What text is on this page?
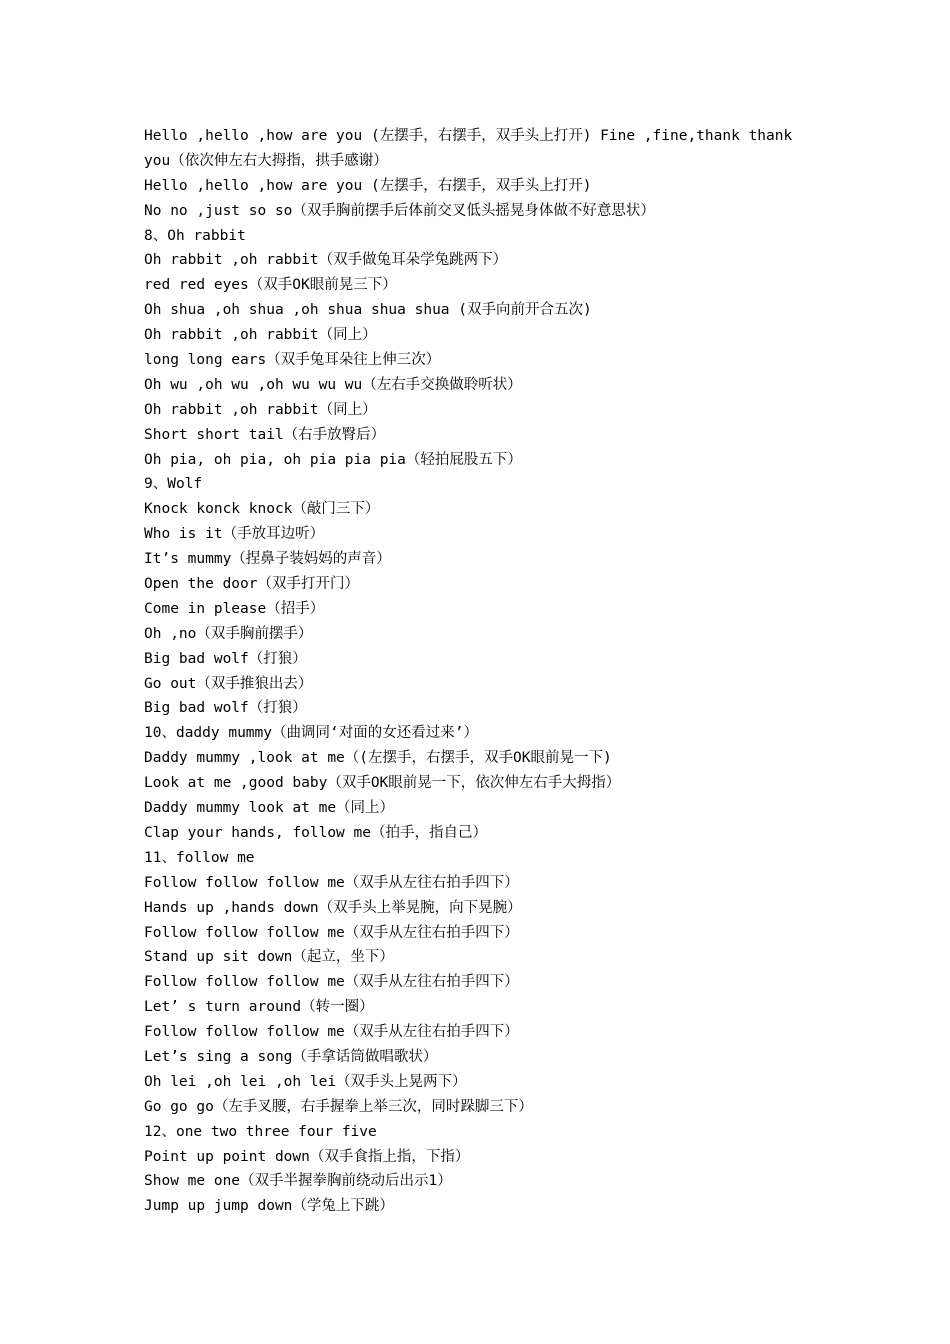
Hello ,hello ,how are you (左摆手，右摆手，双手头上打开) Fine ,fine,thank thank
you（依次伸左右大拇指，拱手感谢）
Hello ,hello ,how are you (左摆手，右摆手，双手头上打开)
No no ,just so so（双手胸前摆手后体前交叉低头摇晃身体做不好意思状）
8、Oh rabbit
Oh rabbit ,oh rabbit（双手做兔耳朵学兔跳两下）
red red eyes（双手OK眼前晃三下）
Oh shua ,oh shua ,oh shua shua shua (双手向前开合五次)
Oh rabbit ,oh rabbit（同上）
long long ears（双手兔耳朵往上伸三次）
Oh wu ,oh wu ,oh wu wu wu（左右手交换做聆听状）
Oh rabbit ,oh rabbit（同上）
Short short tail（右手放臀后）
Oh pia, oh pia, oh pia pia pia（轻拍屁股五下）
9、Wolf
Knock konck knock（敲门三下）
Who is it（手放耳边听）
It’s mummy（捏鼻子装妈妈的声音）
Open the door（双手打开门）
Come in please（招手）
Oh ,no（双手胸前摆手）
Big bad wolf（打狼）
Go out（双手推狼出去）
Big bad wolf（打狼）
10、daddy mummy（曲调同‘对面的女还看过来’）
Daddy mummy ,look at me（(左摆手，右摆手，双手OK眼前晃一下)
Look at me ,good baby（双手OK眼前晃一下，依次伸左右手大拇指）
Daddy mummy look at me（同上）
Clap your hands, follow me（拍手，指自己）
11、follow me
Follow follow follow me（双手从左往右拍手四下）
Hands up ,hands down（双手头上举晃腕，向下晃腕）
Follow follow follow me（双手从左往右拍手四下）
Stand up sit down（起立，坐下）
Follow follow follow me（双手从左往右拍手四下）
Let’ s turn around（转一圈）
Follow follow follow me（双手从左往右拍手四下）
Let’s sing a song（手拿话筒做唱歌状）
Oh lei ,oh lei ,oh lei（双手头上晃两下）
Go go go（左手叉腰，右手握拳上举三次，同时跺脚三下）
12、one two three four five
Point up point down（双手食指上指，下指）
Show me one（双手半握拳胸前绕动后出示1）
Jump up jump down（学兔上下跳）
